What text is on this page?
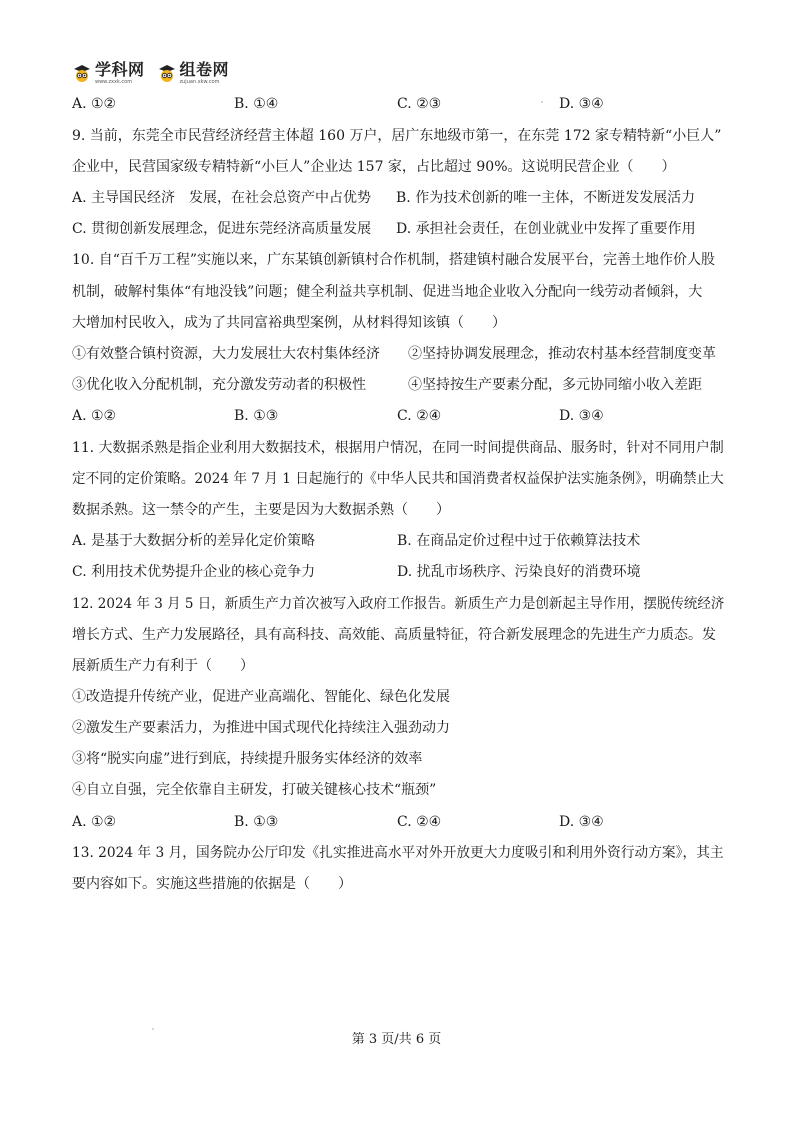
学科网
www.zxxk.com
组卷网
zujuan.xkw.com
A. ①②	B. ①④	C. ②③	D. ③④
9. 当前，东莞全市民营经济经营主体超 160 万户，居广东地级市第一，在东莞 172 家专精特新“小巨人”
企业中，民营国家级专精特新“小巨人”企业达 157 家，占比超过 90%。这说明民营企业（　　）
A. 主导国民经济　发展，在社会总资产中占优势 B. 作为技术创新的唯一主体，不断迸发发展活力
C. 贯彻创新发展理念，促进东莞经济高质量发展 D. 承担社会责任，在创业就业中发挥了重要作用
10. 自“百千万工程”实施以来，广东某镇创新镇村合作机制，搭建镇村融合发展平台，完善土地作价人股
机制，破解村集体“有地没钱”问题；健全利益共享机制、促进当地企业收入分配向一线劳动者倾斜，大
大增加村民收入，成为了共同富裕典型案例，从材料得知该镇（　　）
①有效整合镇村资源，大力发展壮大农村集体经济 ②坚持协调发展理念，推动农村基本经营制度变革
③优化收入分配机制，充分激发劳动者的积极性	④坚持按生产要素分配，多元协同缩小收入差距
A. ①②	B. ①③	C. ②④	D. ③④
11. 大数据杀熟是指企业利用大数据技术，根据用户情况，在同一时间提供商品、服务时，针对不同用户制
定不同的定价策略。2024 年 7 月 1 日起施行的《中华人民共和国消费者权益保护法实施条例》，明确禁止大
数据杀熟。这一禁令的产生，主要是因为大数据杀熟（　　）
A. 是基于大数据分析的差异化定价策略	B. 在商品定价过程中过于依赖算法技术
C. 利用技术优势提升企业的核心竞争力	D. 扰乱市场秩序、污染良好的消费环境
12. 2024 年 3 月 5 日，新质生产力首次被写入政府工作报告。新质生产力是创新起主导作用，摆脱传统经济
增长方式、生产力发展路径，具有高科技、高效能、高质量特征，符合新发展理念的先进生产力质态。发
展新质生产力有利于（　　）
①改造提升传统产业，促进产业高端化、智能化、绿色化发展
②激发生产要素活力，为推进中国式现代化持续注入强劲动力
③将“脱实向虚”进行到底，持续提升服务实体经济的效率
④自立自强，完全依靠自主研发，打破关键核心技术“瓶颈”
A. ①②	B. ①③	C. ②④	D. ③④
13. 2024 年 3 月，国务院办公厅印发《扎实推进高水平对外开放更大力度吸引和利用外资行动方案》，其主
要内容如下。实施这些措施的依据是（　　）
第 3 页/共 6 页
